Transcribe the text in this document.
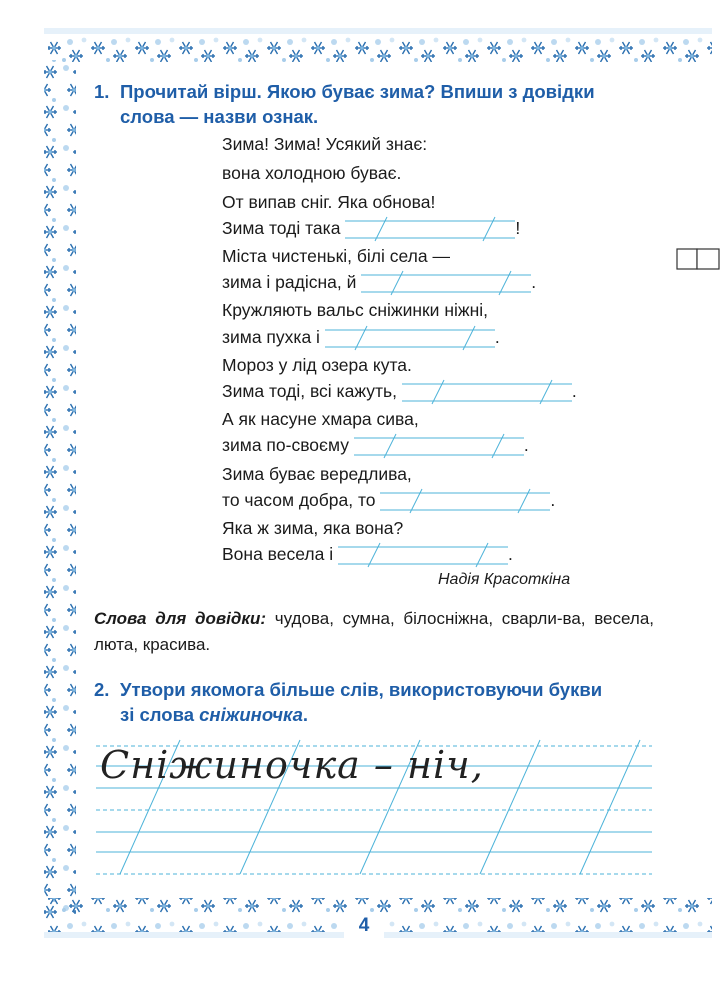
1. Прочитай вірш. Якою буває зима? Впиши з довідки
слова — назви ознак.
Зима! Зима! Усякий знає:
вона холодною буває.
От випав сніг. Яка обнова!
Зима тоді така	!
Міста чистенькі, білі села —
зима і радісна, й	.
Кружляють вальс сніжинки ніжні,
зима пухка і	.
Мороз у лід озера кута.
Зима тоді, всі кажуть,	.
А як насуне хмара сива,
зима по-своєму	.
Зима буває вередлива,
то часом добра, то	.
Яка ж зима, яка вона?
Вона весела і	.
Надія Красоткіна
Слова для довідки: чудова, сумна, білосніжна, сварли-ва, весела, люта, красива.
2. Утвори якомога більше слів, використовуючи букви
зі слова сніжиночка.
Сніжиночка – ніч,
4
